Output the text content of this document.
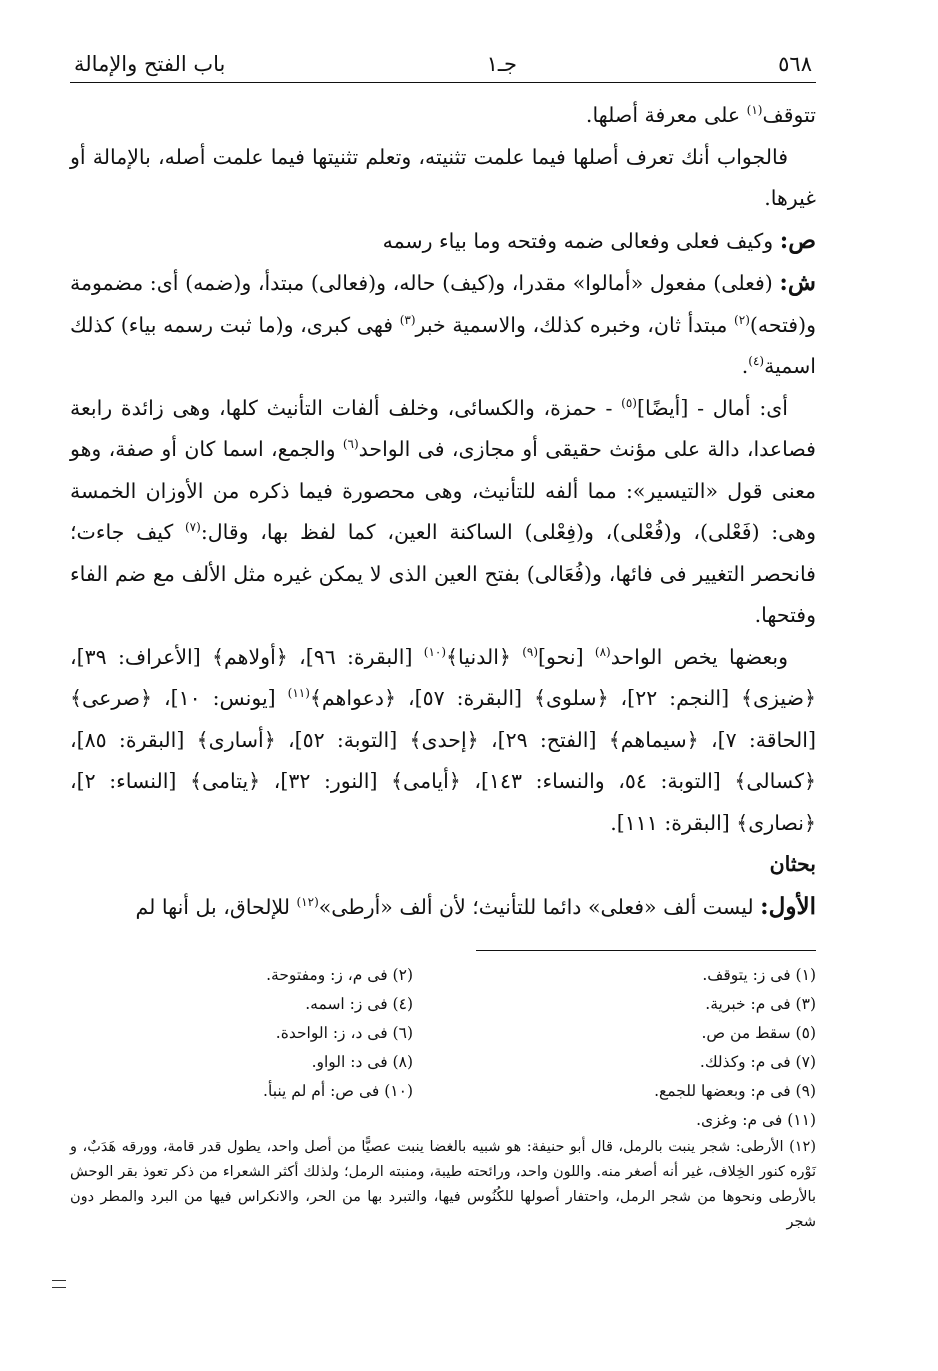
٥٦٨
جـ١
باب الفتح والإمالة

تتوقف$^{(١)}$ على معرفة أصلها.

فالجواب أنك تعرف أصلها فيما علمت تثنيته، وتعلم تثنيتها فيما علمت أصله، بالإمالة أو غيرها.

ص: وكيف فعلى وفعالى ضمه وفتحه وما بياء رسمه

ش: (فعلى) مفعول «أمالوا» مقدرا، و(كيف) حاله، و(فعالى) مبتدأ، و(ضمه) أى: مضمومة و(فتحه)$^{(٢)}$ مبتدأ ثان، وخبره كذلك، والاسمية خبر$^{(٣)}$ فهى كبرى، و(ما ثبت رسمه بياء) كذلك اسمية$^{(٤)}$.

أى: أمال - [أيضًا]$^{(٥)}$ - حمزة، والكسائى، وخلف ألفات التأنيث كلها، وهى زائدة رابعة فصاعدا، دالة على مؤنث حقيقى أو مجازى، فى الواحد$^{(٦)}$ والجمع، اسما كان أو صفة، وهو معنى قول «التيسير»: مما ألفه للتأنيث، وهى محصورة فيما ذكره من الأوزان الخمسة وهى: (فَعْلى)، و(فُعْلى)، و(فِعْلى) الساكنة العين، كما لفظ بها، وقال:$^{(٧)}$ كيف جاءت؛ فانحصر التغيير فى فائها، و(فُعَالى) بفتح العين الذى لا يمكن غيره مثل الألف مع ضم الفاء وفتحها.

وبعضها يخص الواحد$^{(٨)}$ [نحو]$^{(٩)}$ ﴿الدنيا﴾$^{(١٠)}$ [البقرة: ٩٦]، ﴿أولاهم﴾ [الأعراف: ٣٩]، ﴿ضيزى﴾ [النجم: ٢٢]، ﴿سلوى﴾ [البقرة: ٥٧]، ﴿دعواهم﴾$^{(١١)}$ [يونس: ١٠]، ﴿صرعى﴾ [الحاقة: ٧]، ﴿سيماهم﴾ [الفتح: ٢٩]، ﴿إحدى﴾ [التوبة: ٥٢]، ﴿أسارى﴾ [البقرة: ٨٥]، ﴿كسالى﴾ [التوبة: ٥٤، والنساء: ١٤٣]، ﴿أيامى﴾ [النور: ٣٢]، ﴿يتامى﴾ [النساء: ٢]، ﴿نصارى﴾ [البقرة: ١١١].

بحثان

الأول: ليست ألف «فعلى» دائما للتأنيث؛ لأن ألف «أرطى»$^{(١٢)}$ للإلحاق، بل أنها لم

(١) فى ز: يتوقف.
(٢) فى م، ز: ومفتوحة.
(٣) فى م: خبرية.
(٤) فى ز: اسمه.
(٥) سقط من ص.
(٦) فى د، ز: الواحدة.
(٧) فى م: وكذلك.
(٨) فى د: الواو.
(٩) فى م: وبعضها للجمع.
(١٠) فى ص: أم لم ينبأ.
(١١) فى م: وغزى.
(١٢) الأرطى: شجر ينبت بالرمل، قال أبو حنيفة: هو شبيه بالغضا ينبت عصيًّا من أصل واحد، يطول قدر قامة، وورقه هَدَبٌ، و نَوْره كنور الخِلاف، غير أنه أصغر منه. واللون واحد، ورائحته طيبة، ومنبته الرمل؛ ولذلك أكثر الشعراء من ذكر تعوذ بقر الوحش بالأرطى ونحوها من شجر الرمل، واحتفار أصولها للكُنُوس فيها، والتبرد بها من الحر، والانكراس فيها من البرد والمطر دون شجر
